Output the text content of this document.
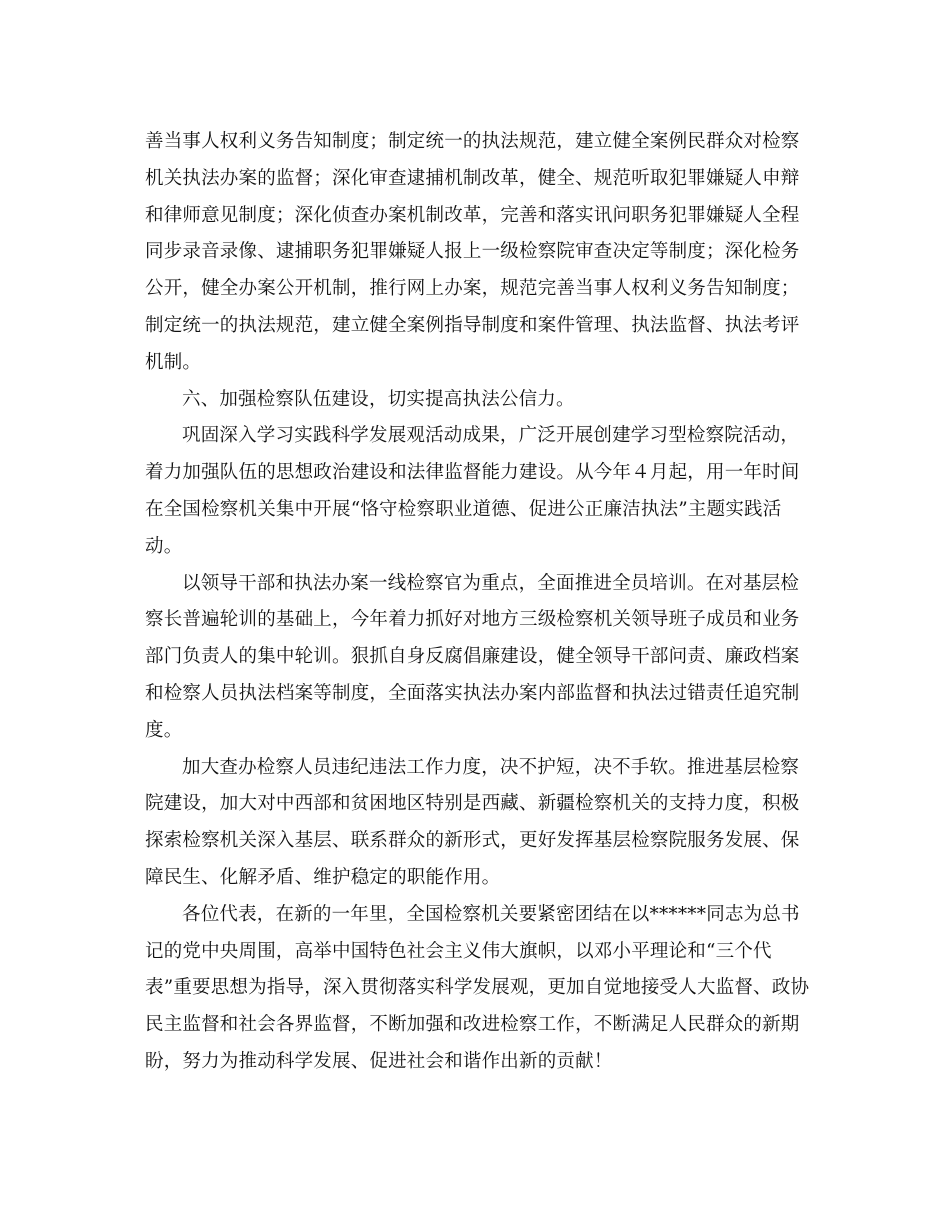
善当事人权利义务告知制度；制定统一的执法规范，建立健全案例民群众对检察
机关执法办案的监督；深化审查逮捕机制改革，健全、规范听取犯罪嫌疑人申辩
和律师意见制度；深化侦查办案机制改革，完善和落实讯问职务犯罪嫌疑人全程
同步录音录像、逮捕职务犯罪嫌疑人报上一级检察院审查决定等制度；深化检务
公开，健全办案公开机制，推行网上办案，规范完善当事人权利义务告知制度；
制定统一的执法规范，建立健全案例指导制度和案件管理、执法监督、执法考评
机制。

六、加强检察队伍建设，切实提高执法公信力。

巩固深入学习实践科学发展观活动成果，广泛开展创建学习型检察院活动，
着力加强队伍的思想政治建设和法律监督能力建设。从今年４月起，用一年时间
在全国检察机关集中开展“恪守检察职业道德、促进公正廉洁执法”主题实践活
动。

以领导干部和执法办案一线检察官为重点，全面推进全员培训。在对基层检
察长普遍轮训的基础上，今年着力抓好对地方三级检察机关领导班子成员和业务
部门负责人的集中轮训。狠抓自身反腐倡廉建设，健全领导干部问责、廉政档案
和检察人员执法档案等制度，全面落实执法办案内部监督和执法过错责任追究制
度。

加大查办检察人员违纪违法工作力度，决不护短，决不手软。推进基层检察
院建设，加大对中西部和贫困地区特别是西藏、新疆检察机关的支持力度，积极
探索检察机关深入基层、联系群众的新形式，更好发挥基层检察院服务发展、保
障民生、化解矛盾、维护稳定的职能作用。

各位代表，在新的一年里，全国检察机关要紧密团结在以******同志为总书
记的党中央周围，高举中国特色社会主义伟大旗帜，以邓小平理论和“三个代
表”重要思想为指导，深入贯彻落实科学发展观，更加自觉地接受人大监督、政协
民主监督和社会各界监督，不断加强和改进检察工作，不断满足人民群众的新期
盼，努力为推动科学发展、促进社会和谐作出新的贡献！
